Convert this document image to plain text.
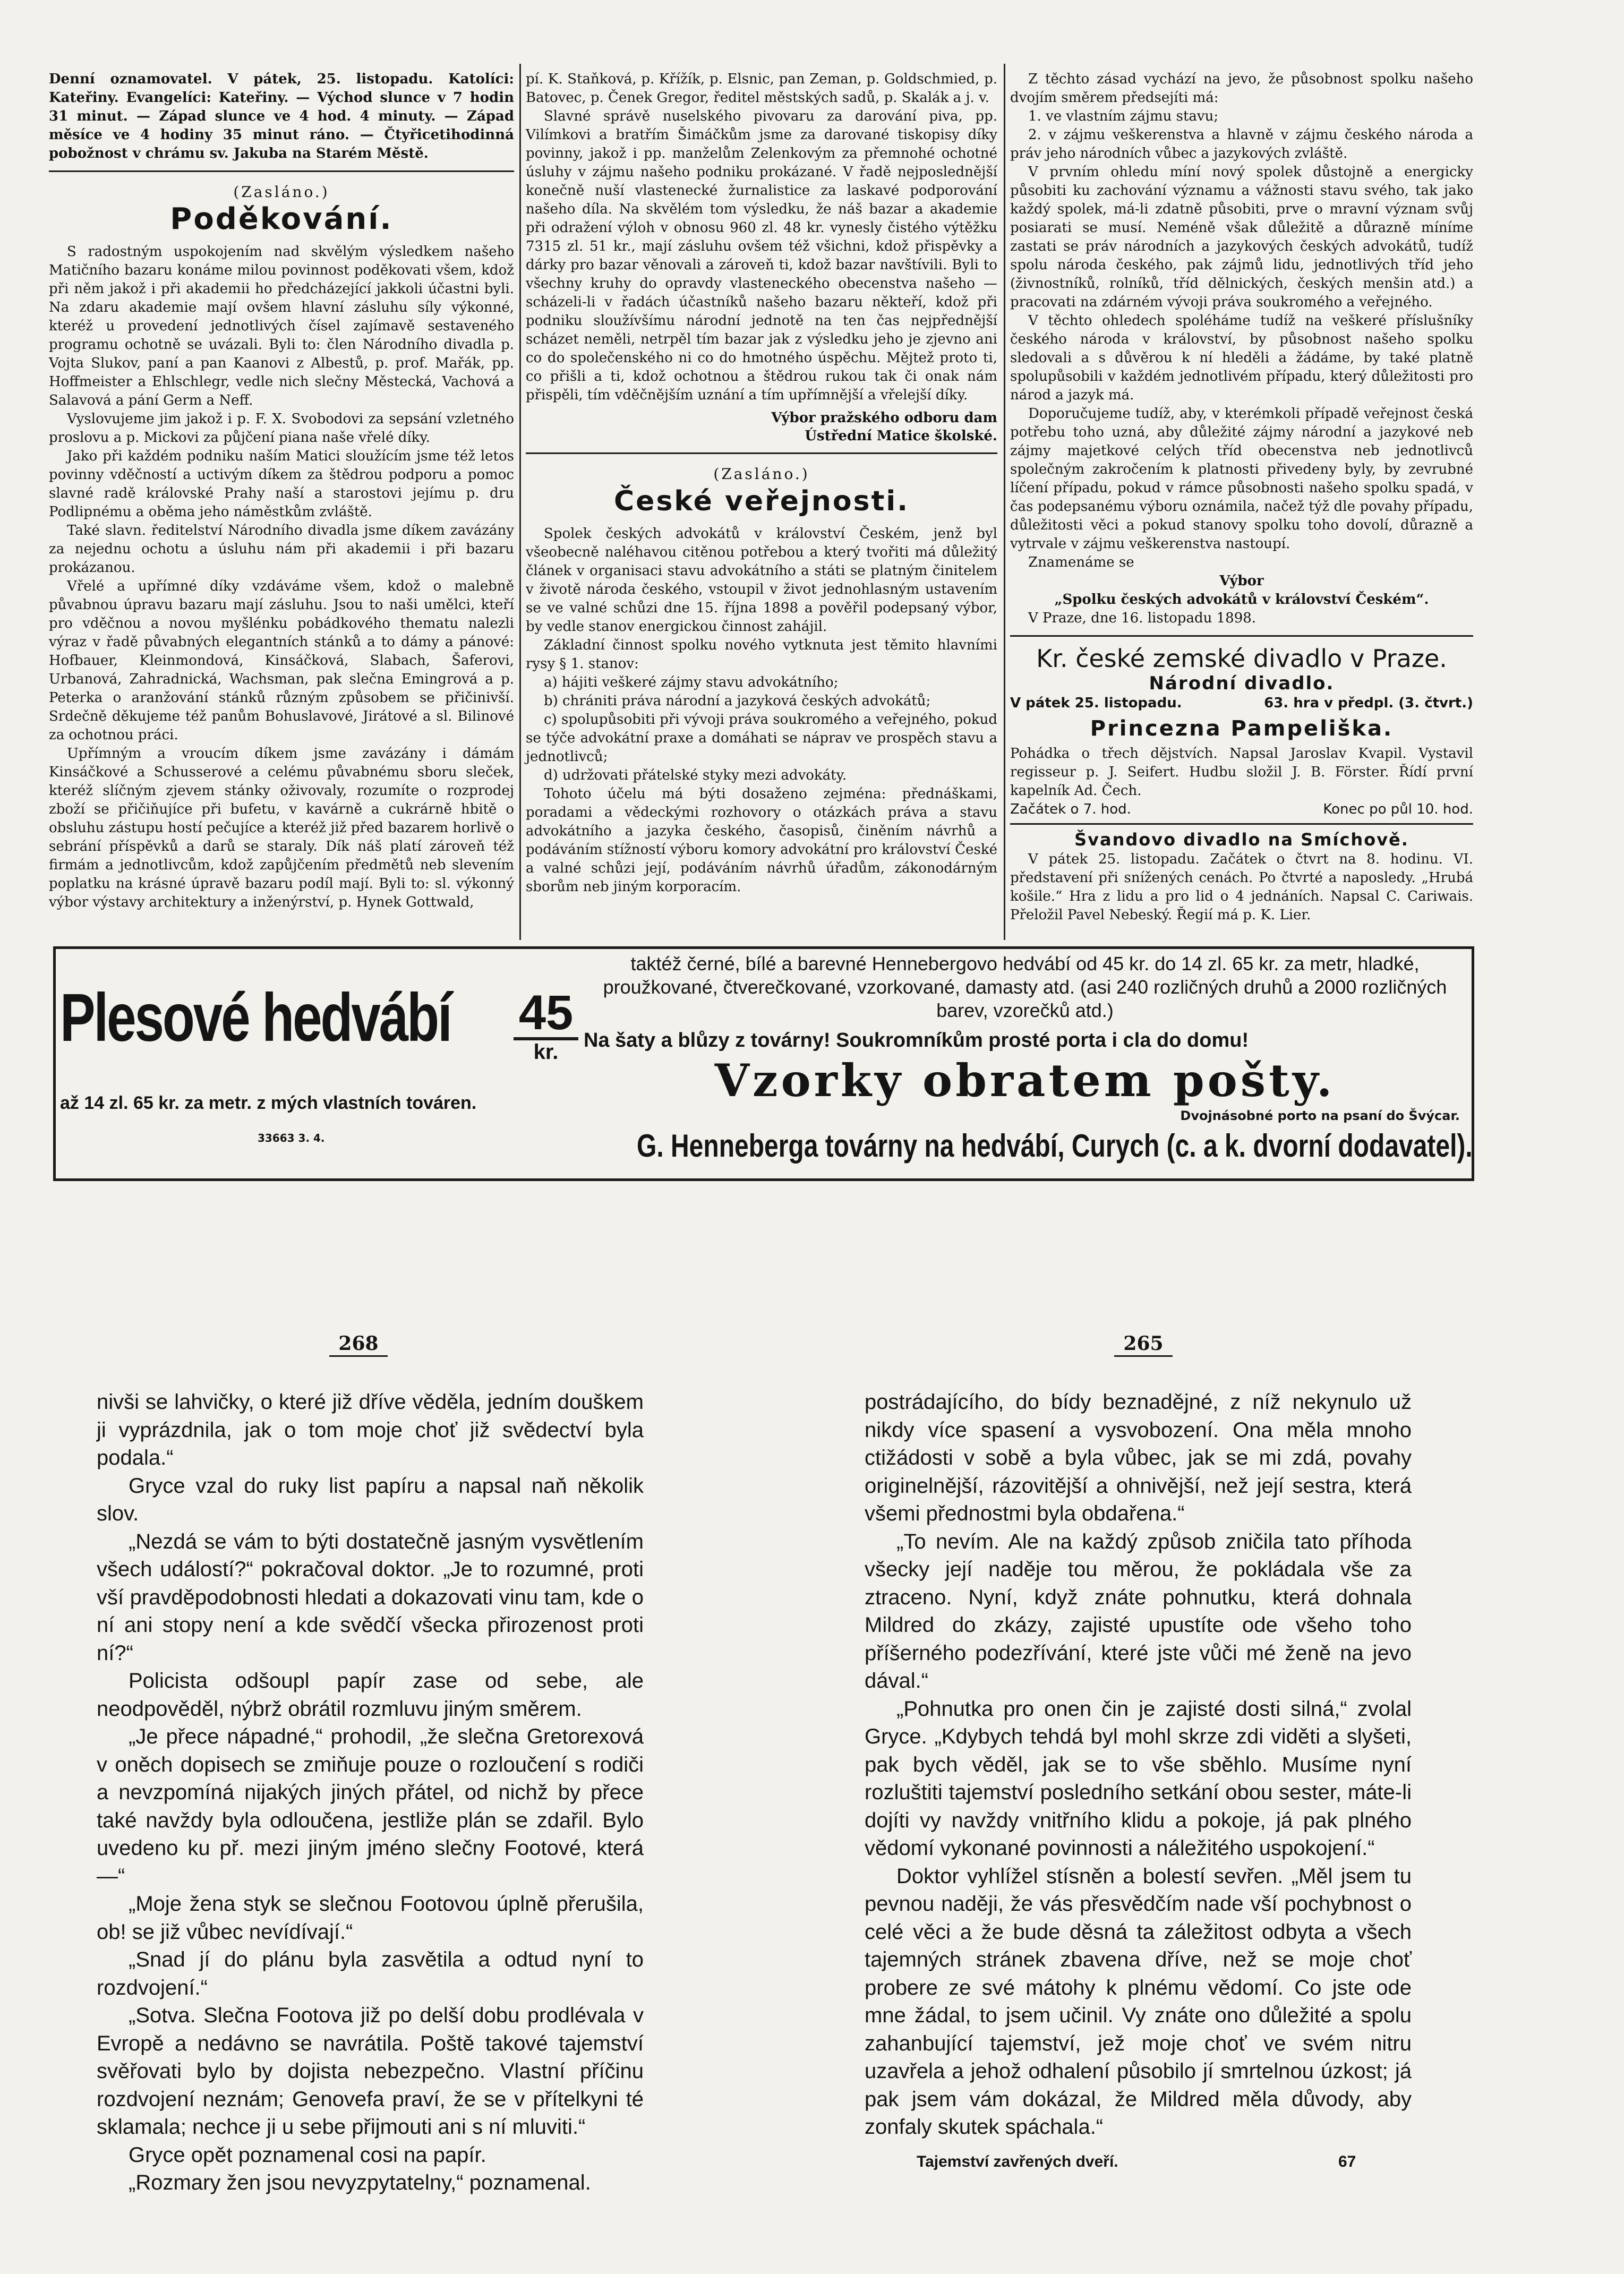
Denní oznamovatel. V pátek, 25. listopadu. Katolíci: Kateřiny. Evangelíci: Kateřiny. — Východ slunce v 7 hodin 31 minut. — Západ slunce ve 4 hod. 4 minuty. — Západ měsíce ve 4 hodiny 35 minut ráno. — Čtyřicetihodinná pobožnost v chrámu sv. Jakuba na Starém Městě.

(Zasláno.)
Poděkování.

S radostným uspokojením nad skvělým výsledkem našeho Matičního bazaru konáme milou povinnost poděkovati všem, kdož při něm jakož i při akademii ho předcházející jakkoli účastni byli. Na zdaru akademie mají ovšem hlavní zásluhu síly výkonné, kteréž u provedení jednotlivých čísel zajímavě sestaveného programu ochotně se uvázali. Byli to: člen Národního divadla p. Vojta Slukov, paní a pan Kaanovi z Albestů, p. prof. Mařák, pp. Hoffmeister a Ehlschlegr, vedle nich slečny Městecká, Vachová a Salavová a pání Germ a Neff.

Vyslovujeme jim jakož i p. F. X. Svobodovi za sepsání vzletného proslovu a p. Mickovi za půjčení piana naše vřelé díky.

Jako při každém podniku naším Matici sloužícím jsme též letos povinny vděčností a uctivým díkem za štědrou podporu a pomoc slavné radě královské Prahy naší a starostovi jejímu p. dru Podlipnému a oběma jeho náměstkům zvláště.

Také slavn. ředitelství Národního divadla jsme díkem zavázány za nejednu ochotu a úsluhu nám při akademii i při bazaru prokázanou.

Vřelé a upřímné díky vzdáváme všem, kdož o malebně půvabnou úpravu bazaru mají zásluhu. Jsou to naši umělci, kteří pro vděčnou a novou myšlénku pobádkového thematu nalezli výraz v řadě půvabných elegantních stánků a to dámy a pánové: Hofbauer, Kleinmondová, Kinsáčková, Slabach, Šaferovi, Urbanová, Zahradnická, Wachsman, pak slečna Emingrová a p. Peterka o aranžování stánků různým způsobem se přičinivší. Srdečně děkujeme též panům Bohuslavové, Jirátové a sl. Bilinové za ochotnou práci.

Upřímným a vroucím díkem jsme zavázány i dámám Kinsáčkové a Schusserové a celému půvabnému sboru sleček, kteréž slíčným zjevem stánky oživovaly, rozumíte o rozprodej zboží se přičiňujíce při bufetu, v kavárně a cukrárně hbitě o obsluhu zástupu hostí pečujíce a kteréž již před bazarem horlivě o sebrání příspěvků a darů se staraly. Dík náš platí zároveň též firmám a jednotlivcům, kdož zapůjčením předmětů neb slevením poplatku na krásné úpravě bazaru podíl mají. Byli to: sl. výkonný výbor výstavy architektury a inženýrství, p. Hynek Gottwald,

pí. K. Staňková, p. Křížík, p. Elsnic, pan Zeman, p. Goldschmied, p. Batovec, p. Čenek Gregor, ředitel městských sadů, p. Skalák a j. v.

Slavné správě nuselského pivovaru za darování piva, pp. Vilímkovi a bratřím Šimáčkům jsme za darované tiskopisy díky povinny, jakož i pp. manželům Zelenkovým za přemnohé ochotné úsluhy v zájmu našeho podniku prokázané. V řadě nejposlednější konečně nuší vlastenecké žurnalistice za laskavé podporování našeho díla. Na skvělém tom výsledku, že náš bazar a akademie při odražení výloh v obnosu 960 zl. 48 kr. vynesly čistého výtěžku 7315 zl. 51 kr., mají zásluhu ovšem též všichni, kdož přispěvky a dárky pro bazar věnovali a zároveň ti, kdož bazar navštívili. Byli to všechny kruhy do opravdy vlasteneckého obecenstva našeho — scházeli-li v řadách účastníků našeho bazaru někteří, kdož při podniku sloužívšímu národní jednotě na ten čas nejpřednější scházet neměli, netrpěl tím bazar jak z výsledku jeho je zjevno ani co do společenského ni co do hmotného úspěchu. Mějtež proto ti, co přišli a ti, kdož ochotnou a štědrou rukou tak či onak nám přispěli, tím vděčnějším uznání a tím upřímnější a vřelejší díky.

Výbor pražského odboru dam
Ústřední Matice školské.
(Zasláno.)
České veřejnosti.

Spolek českých advokátů v království Českém, jenž byl všeobecně naléhavou citěnou potřebou a který tvořiti má důležitý článek v organisaci stavu advokátního a státi se platným činitelem v životě národa českého, vstoupil v život jednohlasným ustavením se ve valné schůzi dne 15. října 1898 a pověřil podepsaný výbor, by vedle stanov energickou činnost zahájil.

Základní činnost spolku nového vytknuta jest těmito hlavními rysy § 1. stanov:

a) hájiti veškeré zájmy stavu advokátního;

b) chrániti práva národní a jazyková českých advokátů;

c) spolupůsobiti při vývoji práva soukromého a veřejného, pokud se týče advokátní praxe a domáhati se náprav ve prospěch stavu a jednotlivců;

d) udržovati přátelské styky mezi advokáty.

Tohoto účelu má býti dosaženo zejména: přednáškami, poradami a vědeckými rozhovory o otázkách práva a stavu advokátního a jazyka českého, časopisů, činěním návrhů a podáváním stížností výboru komory advokátní pro království České a valné schůzi její, podáváním návrhů úřadům, zákonodárným sborům neb jiným korporacím.

Z těchto zásad vychází na jevo, že působnost spolku našeho dvojím směrem předsejíti má:

1. ve vlastním zájmu stavu;

2. v zájmu veškerenstva a hlavně v zájmu českého národa a práv jeho národních vůbec a jazykových zvláště.

V prvním ohledu míní nový spolek důstojně a energicky působiti ku zachování významu a vážnosti stavu svého, tak jako každý spolek, má-li zdatně působiti, prve o mravní význam svůj posiarati se musí. Neméně však důležitě a důrazně míníme zastati se práv národních a jazykových českých advokátů, tudíž spolu národa českého, pak zájmů lidu, jednotlivých tříd jeho (živnostníků, rolníků, tříd dělnických, českých menšin atd.) a pracovati na zdárném vývoji práva soukromého a veřejného.

V těchto ohledech spoléháme tudíž na veškeré příslušníky českého národa v království, by působnost našeho spolku sledovali a s důvěrou k ní hleděli a žádáme, by také platně spolupůsobili v každém jednotlivém případu, který důležitosti pro národ a jazyk má.

Doporučujeme tudíž, aby, v kterémkoli případě veřejnost česká potřebu toho uzná, aby důležité zájmy národní a jazykové neb zájmy majetkové celých tříd obecenstva neb jednotlivců společným zakročením k platnosti přivedeny byly, by zevrubné líčení případu, pokud v rámce působnosti našeho spolku spadá, v čas podepsanému výboru oznámila, načež týž dle povahy případu, důležitosti věci a pokud stanovy spolku toho dovolí, důrazně a vytrvale v zájmu veškerenstva nastoupí.

Znamenáme se

Výbor
„Spolku českých advokátů v království Českém“.

V Praze, dne 16. listopadu 1898.

Kr. české zemské divadlo v Praze.
Národní divadlo.
V pátek 25. listopadu.	63. hra v předpl. (3. čtvrt.)
Princezna Pampeliška.

Pohádka o třech dějstvích. Napsal Jaroslav Kvapil. Vystavil regisseur p. J. Seifert. Hudbu složil J. B. Förster. Řídí první kapelník Ad. Čech.

Začátek o 7. hod.	Konec po půl 10. hod.
Švandovo divadlo na Smíchově.

V pátek 25. listopadu. Začátek o čtvrt na 8. hodinu. VI. představení při snížených cenách. Po čtvrté a naposledy. „Hrubá košile.“ Hra z lidu a pro lid o 4 jednáních. Napsal C. Cariwais. Přeložil Pavel Nebeský. Řegií má p. K. Lier.

Plesové hedvábí 45
kr.
až 14 zl. 65 kr. za metr. z mých vlastních továren.
33663 3. 4.
taktéž černé, bílé a barevné Hennebergovo hedvábí od 45 kr. do 14 zl. 65 kr. za metr, hladké, proužkované, čtverečkované, vzorkované, damasty atd. (asi 240 rozličných druhů a 2000 rozličných barev, vzorečků atd.)
Na šaty a blůzy z továrny! Soukromníkům prosté porta i cla do domu!
Vzorky obratem pošty.
Dvojnásobné porto na psaní do Švýcar.
G. Henneberga továrny na hedvábí, Curych (c. a k. dvorní dodavatel).
268	265

nivši se lahvičky, o které již dříve věděla, jedním douškem ji vyprázdnila, jak o tom moje choť již svědectví byla podala.“

Gryce vzal do ruky list papíru a napsal naň několik slov.

„Nezdá se vám to býti dostatečně jasným vysvětlením všech událostí?“ pokračoval doktor. „Je to rozumné, proti vší pravděpodobnosti hledati a dokazovati vinu tam, kde o ní ani stopy není a kde svědčí všecka přirozenost proti ní?“

Policista odšoupl papír zase od sebe, ale neodpověděl, nýbrž obrátil rozmluvu jiným směrem.

„Je přece nápadné,“ prohodil, „že slečna Gretorexová v oněch dopisech se zmiňuje pouze o rozloučení s rodiči a nevzpomíná nijakých jiných přátel, od nichž by přece také navždy byla odloučena, jestliže plán se zdařil. Bylo uvedeno ku př. mezi jiným jméno slečny Footové, která —“

„Moje žena styk se slečnou Footovou úplně přerušila, ob! se již vůbec nevídívají.“

„Snad jí do plánu byla zasvětila a odtud nyní to rozdvojení.“

„Sotva. Slečna Footova již po delší dobu prodlévala v Evropě a nedávno se navrátila. Poště takové tajemství svěřovati bylo by dojista nebezpečno. Vlastní příčinu rozdvojení neznám; Genovefa praví, že se v přítelkyni té sklamala; nechce ji u sebe přijmouti ani s ní mluviti.“

Gryce opět poznamenal cosi na papír.

„Rozmary žen jsou nevyzpytatelny,“ poznamenal.

postrádajícího, do bídy beznadějné, z níž nekynulo už nikdy více spasení a vysvobození. Ona měla mnoho ctižádosti v sobě a byla vůbec, jak se mi zdá, povahy originelnější, rázovitější a ohnivější, než její sestra, která všemi přednostmi byla obdařena.“

„To nevím. Ale na každý způsob zničila tato příhoda všecky její naděje tou měrou, že pokládala vše za ztraceno. Nyní, když znáte pohnutku, která dohnala Mildred do zkázy, zajisté upustíte ode všeho toho příšerného podezřívání, které jste vůči mé ženě na jevo dával.“

„Pohnutka pro onen čin je zajisté dosti silná,“ zvolal Gryce. „Kdybych tehdá byl mohl skrze zdi viděti a slyšeti, pak bych věděl, jak se to vše sběhlo. Musíme nyní rozluštiti tajemství posledního setkání obou sester, máte-li dojíti vy navždy vnitřního klidu a pokoje, já pak plného vědomí vykonané povinnosti a náležitého uspokojení.“

Doktor vyhlížel stísněn a bolestí sevřen. „Měl jsem tu pevnou naději, že vás přesvědčím nade vší pochybnost o celé věci a že bude děsná ta záležitost odbyta a všech tajemných stránek zbavena dříve, než se moje choť probere ze své mátohy k plnému vědomí. Co jste ode mne žádal, to jsem učinil. Vy znáte ono důležité a spolu zahanbující tajemství, jež moje choť ve svém nitru uzavřela a jehož odhalení působilo jí smrtelnou úzkost; já pak jsem vám dokázal, že Mildred měla důvody, aby zonfaly skutek spáchala.“

Tajemství zavřených dveří.	67
